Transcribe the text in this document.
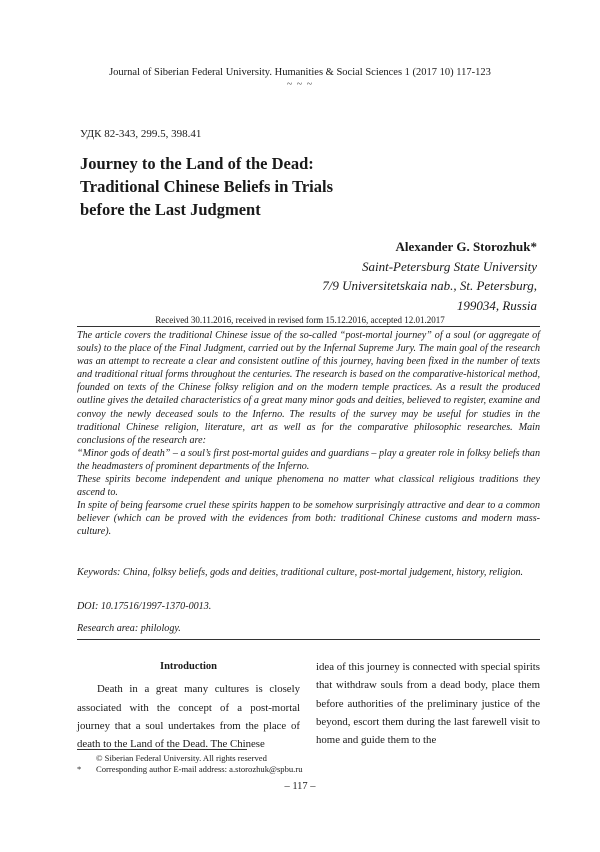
Journal of Siberian Federal University. Humanities & Social Sciences 1 (2017 10) 117-123
~ ~ ~
УДК 82-343, 299.5, 398.41
Journey to the Land of the Dead:
Traditional Chinese Beliefs in Trials
before the Last Judgment
Alexander G. Storozhuk*
Saint-Petersburg State University
7/9 Universitetskaia nab., St. Petersburg,
199034, Russia
Received 30.11.2016, received in revised form 15.12.2016, accepted 12.01.2017

The article covers the traditional Chinese issue of the so-called “post-mortal journey” of a soul (or aggregate of souls) to the place of the Final Judgment, carried out by the Infernal Supreme Jury. The main goal of the research was an attempt to recreate a clear and consistent outline of this journey, having been fixed in the number of texts and traditional ritual forms throughout the centuries. The research is based on the comparative-historical method, founded on texts of the Chinese folksy religion and on the modern temple practices. As a result the produced outline gives the detailed characteristics of a great many minor gods and deities, believed to register, examine and convoy the newly deceased souls to the Inferno. The results of the survey may be useful for studies in the traditional Chinese religion, literature, art as well as for the comparative philosophic researches. Main conclusions of the research are:

“Minor gods of death” – a soul’s first post-mortal guides and guardians – play a greater role in folksy beliefs than the headmasters of prominent departments of the Inferno.

These spirits become independent and unique phenomena no matter what classical religious traditions they ascend to.

In spite of being fearsome cruel these spirits happen to be somehow surprisingly attractive and dear to a common believer (which can be proved with the evidences from both: traditional Chinese customs and modern mass-culture).

Keywords: China, folksy beliefs, gods and deities, traditional culture, post-mortal judgement, history, religion.
DOI: 10.17516/1997-1370-0013.
Research area: philology.
Introduction

Death in a great many cultures is closely associated with the concept of a post-mortal journey that a soul undertakes from the place of death to the Land of the Dead. The Chinese

idea of this journey is connected with special spirits that withdraw souls from a dead body, place them before authorities of the preliminary justice of the beyond, escort them during the last farewell visit to home and guide them to the

© Siberian Federal University. All rights reserved
* Corresponding author E-mail address: a.storozhuk@spbu.ru
– 117 –
